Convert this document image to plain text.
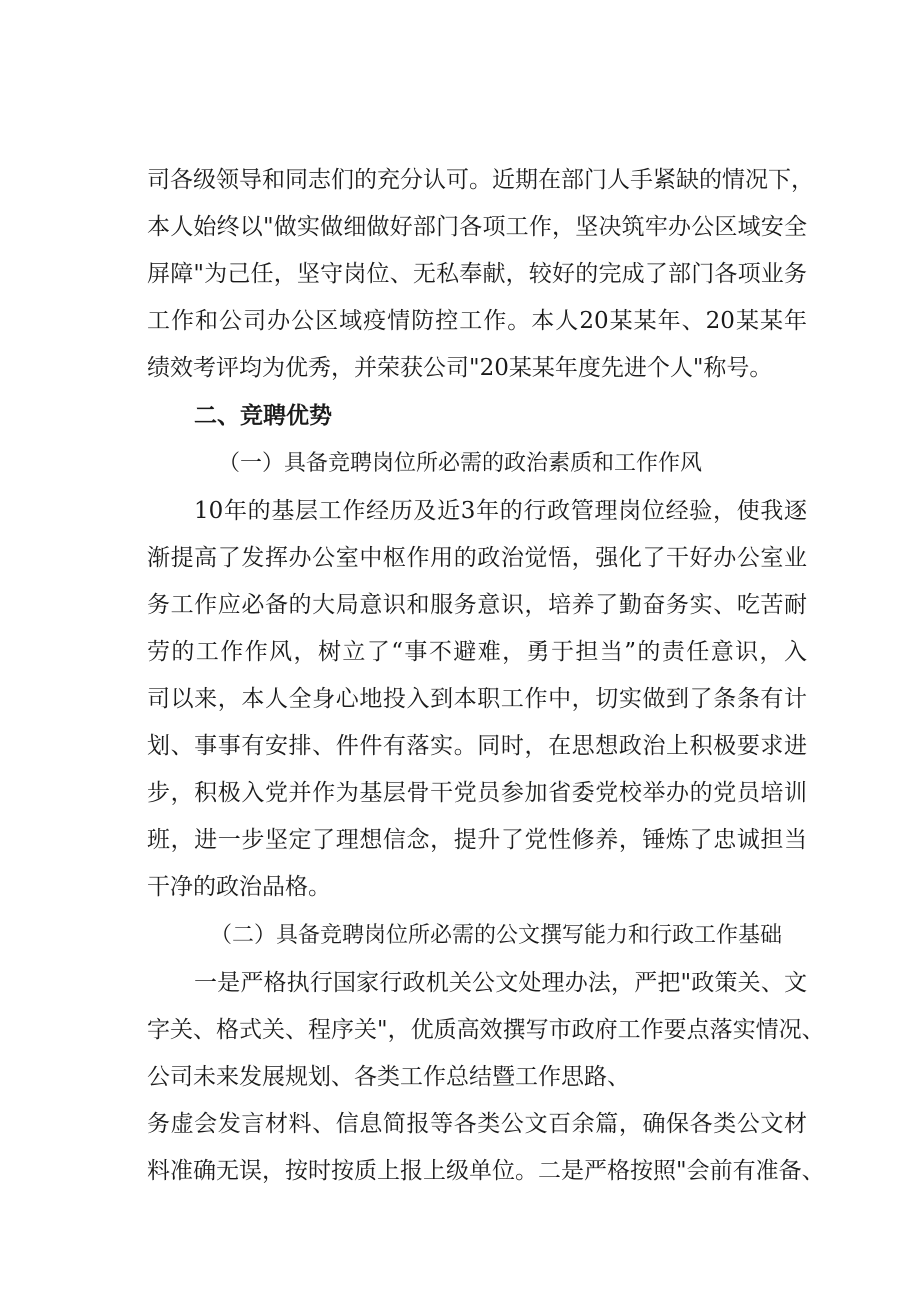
司各级领导和同志们的充分认可。近期在部门人手紧缺的情况下，
本人始终以"做实做细做好部门各项工作，坚决筑牢办公区域安全
屏障"为己任，坚守岗位、无私奉献，较好的完成了部门各项业务
工作和公司办公区域疫情防控工作。本人20某某年、20某某年
绩效考评均为优秀，并荣获公司"20某某年度先进个人"称号。
二、竞聘优势
（一）具备竞聘岗位所必需的政治素质和工作作风
10年的基层工作经历及近3年的行政管理岗位经验，使我逐
渐提高了发挥办公室中枢作用的政治觉悟，强化了干好办公室业
务工作应必备的大局意识和服务意识，培养了勤奋务实、吃苦耐
劳的工作作风，树立了“事不避难，勇于担当”的责任意识，入
司以来，本人全身心地投入到本职工作中，切实做到了条条有计
划、事事有安排、件件有落实。同时，在思想政治上积极要求进
步，积极入党并作为基层骨干党员参加省委党校举办的党员培训
班，进一步坚定了理想信念，提升了党性修养，锤炼了忠诚担当
干净的政治品格。
（二）具备竞聘岗位所必需的公文撰写能力和行政工作基础
一是严格执行国家行政机关公文处理办法，严把"政策关、文
字关、格式关、程序关"，优质高效撰写市政府工作要点落实情况、
公司未来发展规划、各类工作总结暨工作思路、
务虚会发言材料、信息简报等各类公文百余篇，确保各类公文材
料准确无误，按时按质上报上级单位。二是严格按照"会前有准备、
